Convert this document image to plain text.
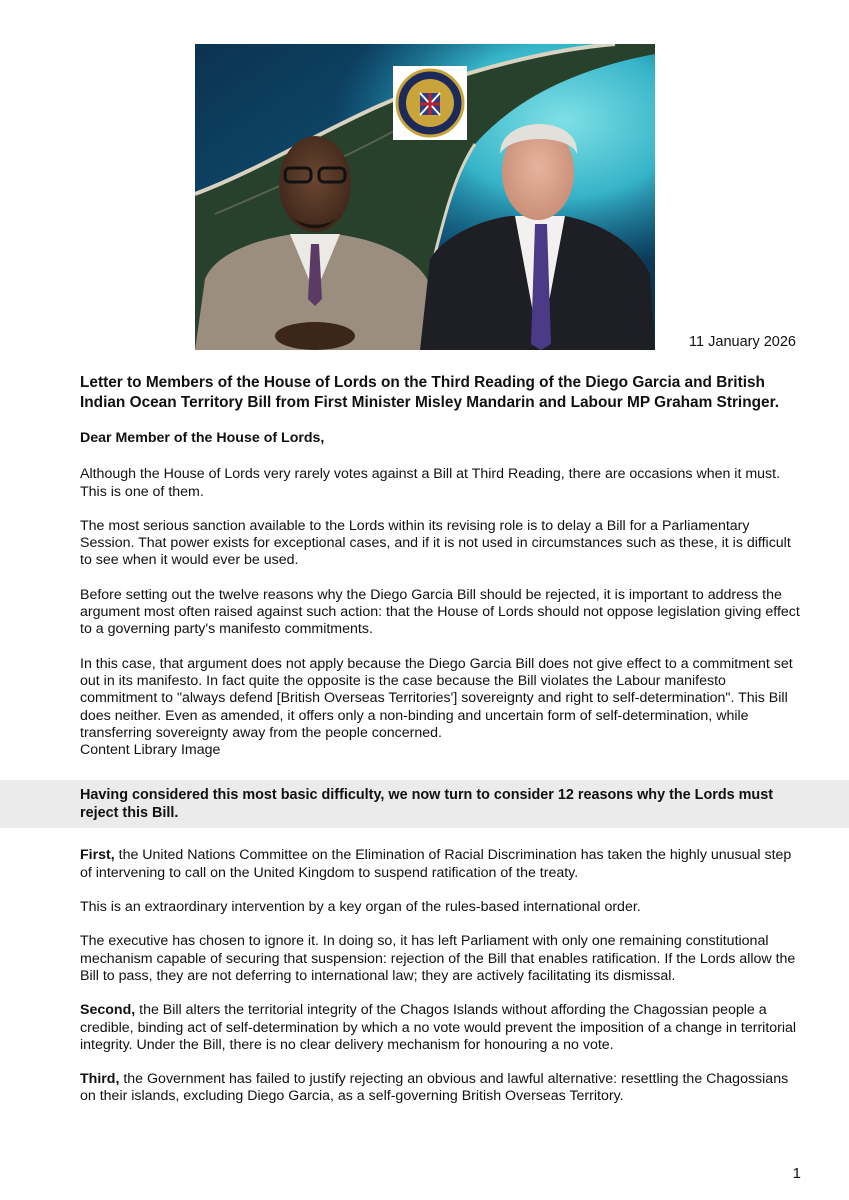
11 January 2026
Letter to Members of the House of Lords on the Third Reading of the Diego Garcia and British Indian Ocean Territory Bill from First Minister Misley Mandarin and Labour MP Graham Stringer.

Dear Member of the House of Lords,

Although the House of Lords very rarely votes against a Bill at Third Reading, there are occasions when it must. This is one of them.

The most serious sanction available to the Lords within its revising role is to delay a Bill for a Parliamentary Session. That power exists for exceptional cases, and if it is not used in circumstances such as these, it is difficult to see when it would ever be used.

Before setting out the twelve reasons why the Diego Garcia Bill should be rejected, it is important to address the argument most often raised against such action: that the House of Lords should not oppose legislation giving effect to a governing party's manifesto commitments.

In this case, that argument does not apply because the Diego Garcia Bill does not give effect to a commitment set out in its manifesto. In fact quite the opposite is the case because the Bill violates the Labour manifesto commitment to "always defend [British Overseas Territories'] sovereignty and right to self-determination". This Bill does neither. Even as amended, it offers only a non-binding and uncertain form of self-determination, while transferring sovereignty away from the people concerned.

Content Library Image

Having considered this most basic difficulty, we now turn to consider 12 reasons why the Lords must reject this Bill.

First, the United Nations Committee on the Elimination of Racial Discrimination has taken the highly unusual step of intervening to call on the United Kingdom to suspend ratification of the treaty.

This is an extraordinary intervention by a key organ of the rules-based international order.

The executive has chosen to ignore it. In doing so, it has left Parliament with only one remaining constitutional mechanism capable of securing that suspension: rejection of the Bill that enables ratification. If the Lords allow the Bill to pass, they are not deferring to international law; they are actively facilitating its dismissal.

Second, the Bill alters the territorial integrity of the Chagos Islands without affording the Chagossian people a credible, binding act of self-determination by which a no vote would prevent the imposition of a change in territorial integrity. Under the Bill, there is no clear delivery mechanism for honouring a no vote.

Third, the Government has failed to justify rejecting an obvious and lawful alternative: resettling the Chagossians on their islands, excluding Diego Garcia, as a self-governing British Overseas Territory.

1
